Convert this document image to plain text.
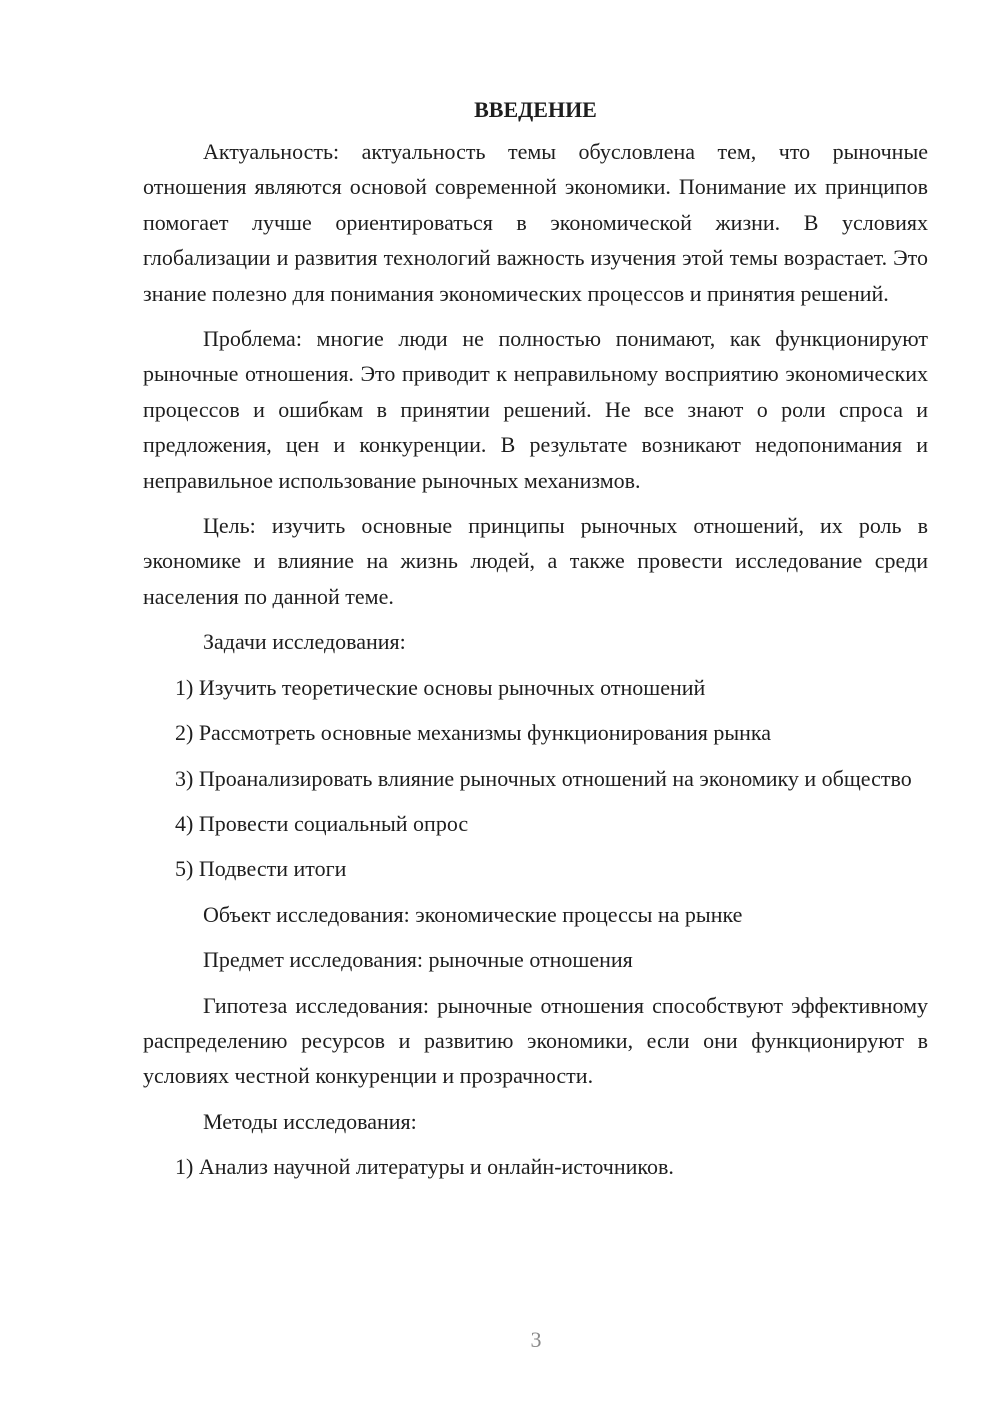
ВВЕДЕНИЕ

Актуальность: актуальность темы обусловлена тем, что рыночные отношения являются основой современной экономики. Понимание их принципов помогает лучше ориентироваться в экономической жизни. В условиях глобализации и развития технологий важность изучения этой темы возрастает. Это знание полезно для понимания экономических процессов и принятия решений.

Проблема: многие люди не полностью понимают, как функционируют рыночные отношения. Это приводит к неправильному восприятию экономических процессов и ошибкам в принятии решений. Не все знают о роли спроса и предложения, цен и конкуренции. В результате возникают недопонимания и неправильное использование рыночных механизмов.

Цель: изучить основные принципы рыночных отношений, их роль в экономике и влияние на жизнь людей, а также провести исследование среди населения по данной теме.

Задачи исследования:

1) Изучить теоретические основы рыночных отношений

2) Рассмотреть основные механизмы функционирования рынка

3) Проанализировать влияние рыночных отношений на экономику и общество

4) Провести социальный опрос

5) Подвести итоги

Объект исследования: экономические процессы на рынке

Предмет исследования: рыночные отношения

Гипотеза исследования: рыночные отношения способствуют эффективному распределению ресурсов и развитию экономики, если они функционируют в условиях честной конкуренции и прозрачности.

Методы исследования:

1) Анализ научной литературы и онлайн-источников.

3
